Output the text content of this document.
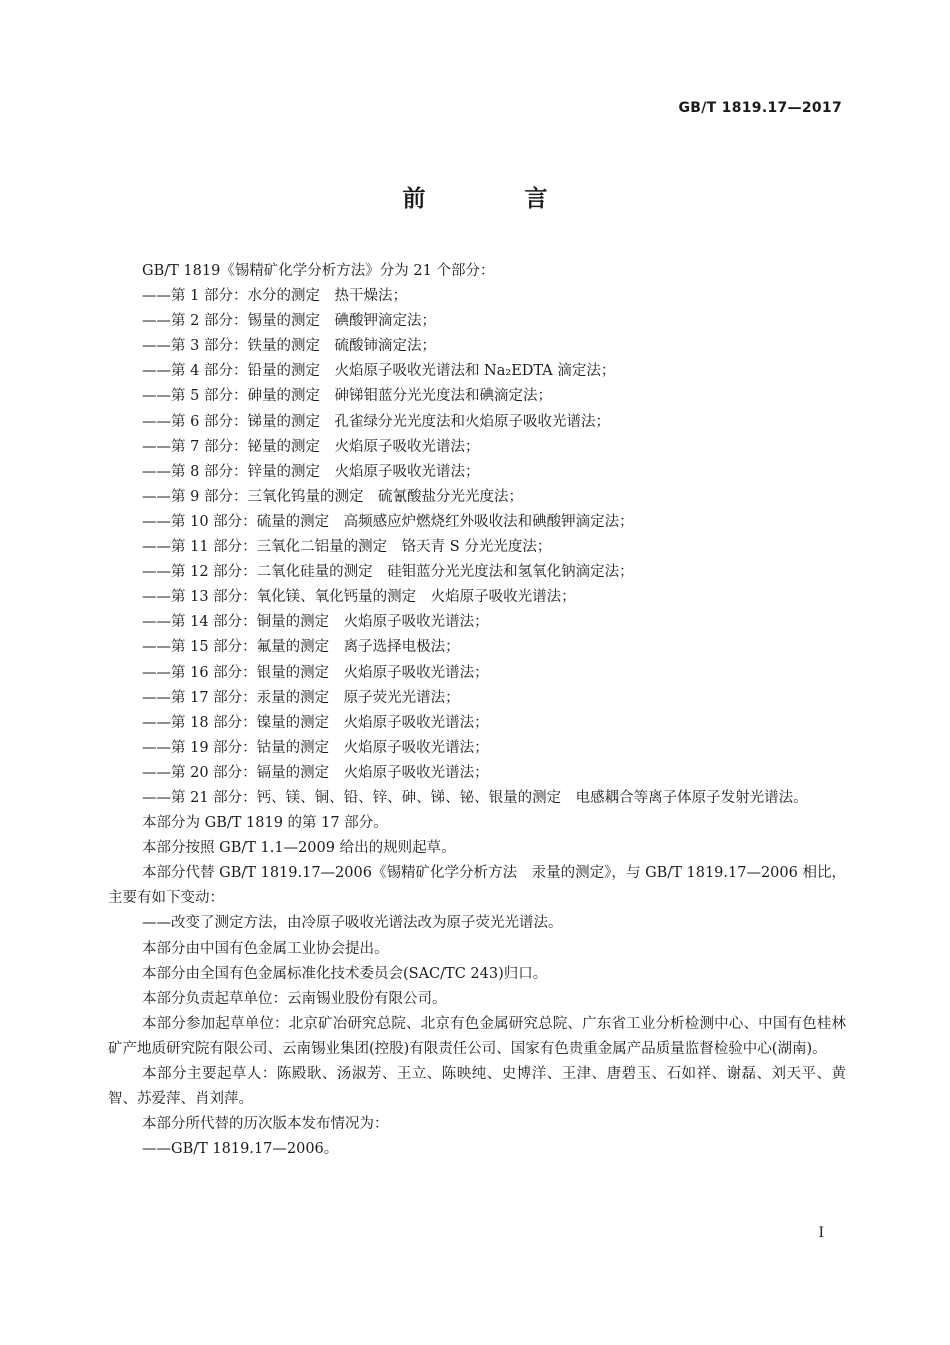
GB/T 1819.17—2017
前　言

GB/T 1819《锡精矿化学分析方法》分为 21 个部分：

——第 1 部分：水分的测定　热干燥法；

——第 2 部分：锡量的测定　碘酸钾滴定法；

——第 3 部分：铁量的测定　硫酸铈滴定法；

——第 4 部分：铅量的测定　火焰原子吸收光谱法和 Na₂EDTA 滴定法；

——第 5 部分：砷量的测定　砷锑钼蓝分光光度法和碘滴定法；

——第 6 部分：锑量的测定　孔雀绿分光光度法和火焰原子吸收光谱法；

——第 7 部分：铋量的测定　火焰原子吸收光谱法；

——第 8 部分：锌量的测定　火焰原子吸收光谱法；

——第 9 部分：三氧化钨量的测定　硫氰酸盐分光光度法；

——第 10 部分：硫量的测定　高频感应炉燃烧红外吸收法和碘酸钾滴定法；

——第 11 部分：三氧化二铝量的测定　铬天青 S 分光光度法；

——第 12 部分：二氧化硅量的测定　硅钼蓝分光光度法和氢氧化钠滴定法；

——第 13 部分：氧化镁、氧化钙量的测定　火焰原子吸收光谱法；

——第 14 部分：铜量的测定　火焰原子吸收光谱法；

——第 15 部分：氟量的测定　离子选择电极法；

——第 16 部分：银量的测定　火焰原子吸收光谱法；

——第 17 部分：汞量的测定　原子荧光光谱法；

——第 18 部分：镍量的测定　火焰原子吸收光谱法；

——第 19 部分：钴量的测定　火焰原子吸收光谱法；

——第 20 部分：镉量的测定　火焰原子吸收光谱法；

——第 21 部分：钙、镁、铜、铅、锌、砷、锑、铋、银量的测定　电感耦合等离子体原子发射光谱法。

本部分为 GB/T 1819 的第 17 部分。

本部分按照 GB/T 1.1—2009 给出的规则起草。

本部分代替 GB/T 1819.17—2006《锡精矿化学分析方法　汞量的测定》，与 GB/T 1819.17—2006 相比，主要有如下变动：

——改变了测定方法，由冷原子吸收光谱法改为原子荧光光谱法。

本部分由中国有色金属工业协会提出。

本部分由全国有色金属标准化技术委员会(SAC/TC 243)归口。

本部分负责起草单位：云南锡业股份有限公司。

本部分参加起草单位：北京矿冶研究总院、北京有色金属研究总院、广东省工业分析检测中心、中国有色桂林矿产地质研究院有限公司、云南锡业集团(控股)有限责任公司、国家有色贵重金属产品质量监督检验中心(湖南)。

本部分主要起草人：陈殿耿、汤淑芳、王立、陈映纯、史博洋、王津、唐碧玉、石如祥、谢磊、刘天平、黄智、苏爱萍、肖刘萍。

本部分所代替的历次版本发布情况为：

——GB/T 1819.17—2006。

I
